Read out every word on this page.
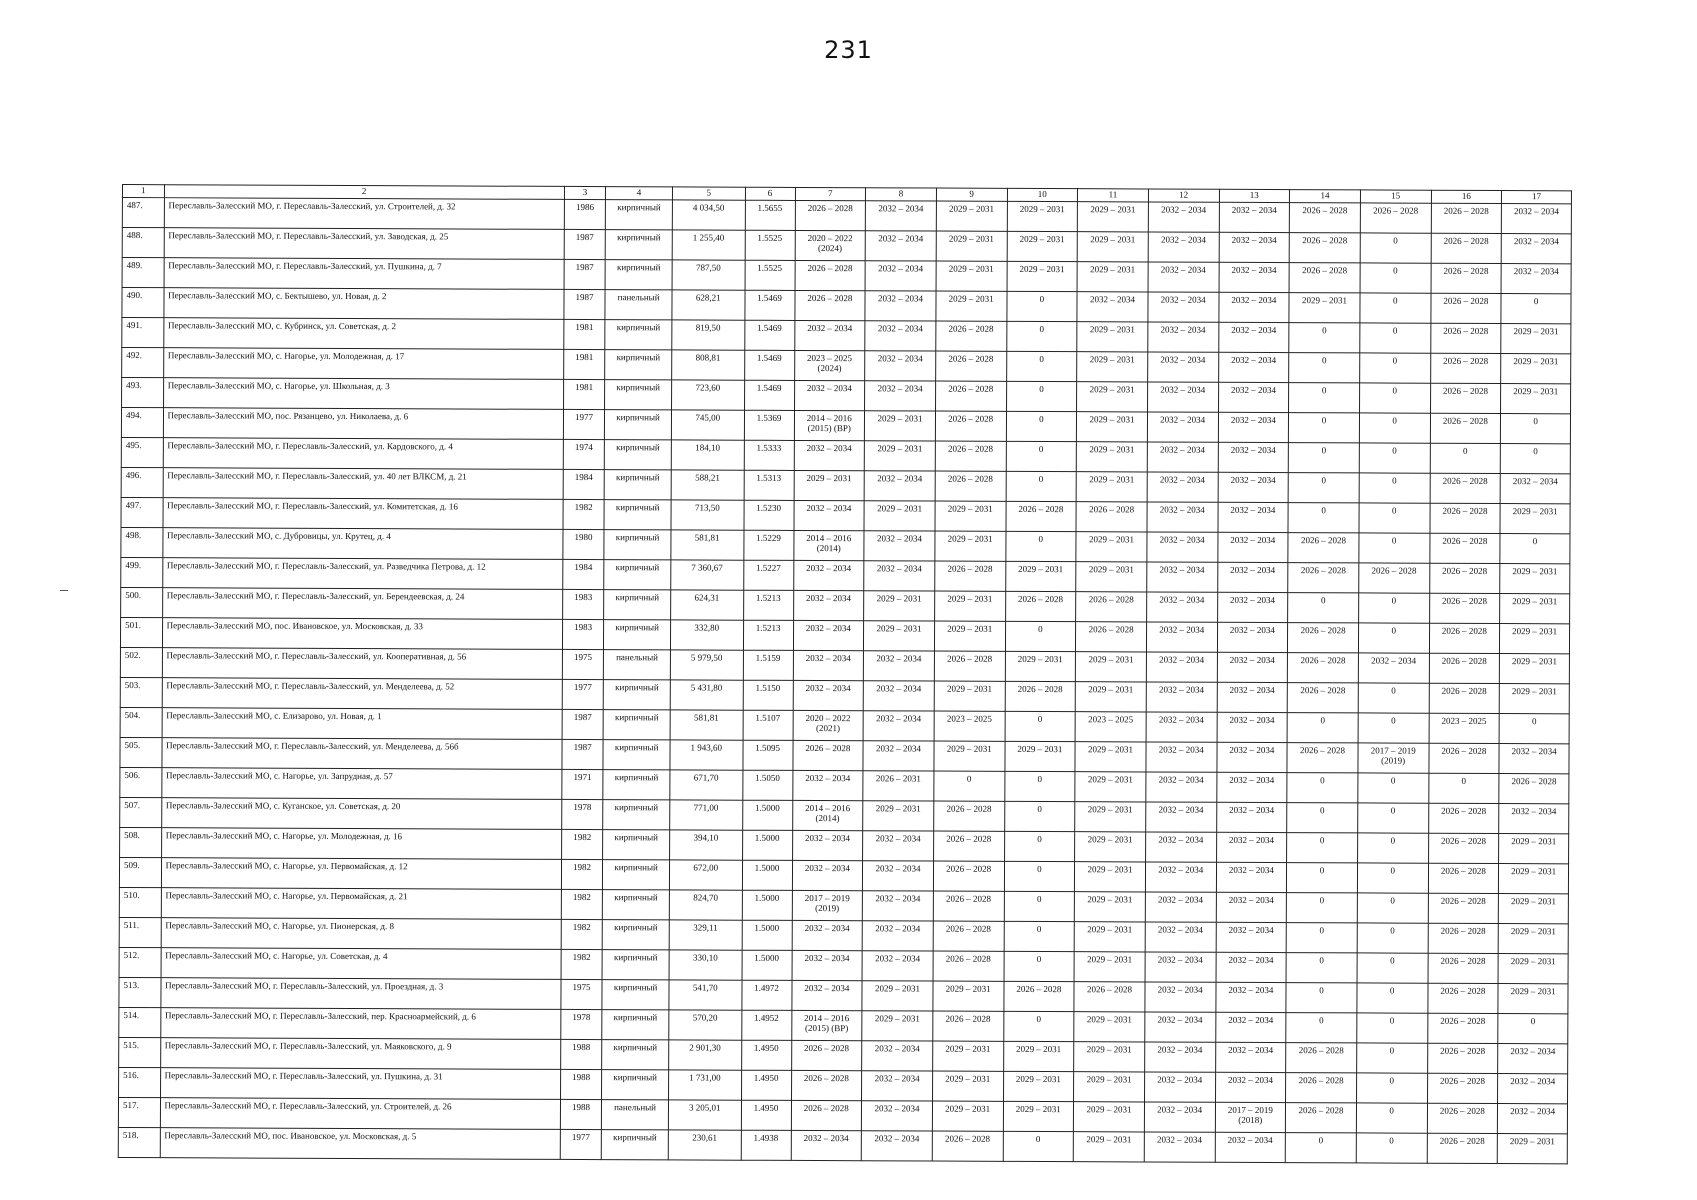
231
1	2	3	4	5	6	7	8	9	10	11	12	13	14	15	16	17
487.	Переславль-Залесский МО, г. Переславль-Залесский, ул. Строителей, д. 32	1986	кирпичный	4 034,50	1.5655	2026 – 2028	2032 – 2034	2029 – 2031	2029 – 2031	2029 – 2031	2032 – 2034	2032 – 2034	2026 – 2028	2026 – 2028	2026 – 2028	2032 – 2034
488.	Переславль-Залесский МО, г. Переславль-Залесский, ул. Заводская, д. 25	1987	кирпичный	1 255,40	1.5525	2020 – 2022
(2024)	2032 – 2034	2029 – 2031	2029 – 2031	2029 – 2031	2032 – 2034	2032 – 2034	2026 – 2028	0	2026 – 2028	2032 – 2034
489.	Переславль-Залесский МО, г. Переславль-Залесский, ул. Пушкина, д. 7	1987	кирпичный	787,50	1.5525	2026 – 2028	2032 – 2034	2029 – 2031	2029 – 2031	2029 – 2031	2032 – 2034	2032 – 2034	2026 – 2028	0	2026 – 2028	2032 – 2034
490.	Переславль-Залесский МО, с. Бектышево, ул. Новая, д. 2	1987	панельный	628,21	1.5469	2026 – 2028	2032 – 2034	2029 – 2031	0	2032 – 2034	2032 – 2034	2032 – 2034	2029 – 2031	0	2026 – 2028	0
491.	Переславль-Залесский МО, с. Кубринск, ул. Советская, д. 2	1981	кирпичный	819,50	1.5469	2032 – 2034	2032 – 2034	2026 – 2028	0	2029 – 2031	2032 – 2034	2032 – 2034	0	0	2026 – 2028	2029 – 2031
492.	Переславль-Залесский МО, с. Нагорье, ул. Молодежная, д. 17	1981	кирпичный	808,81	1.5469	2023 – 2025
(2024)	2032 – 2034	2026 – 2028	0	2029 – 2031	2032 – 2034	2032 – 2034	0	0	2026 – 2028	2029 – 2031
493.	Переславль-Залесский МО, с. Нагорье, ул. Школьная, д. 3	1981	кирпичный	723,60	1.5469	2032 – 2034	2032 – 2034	2026 – 2028	0	2029 – 2031	2032 – 2034	2032 – 2034	0	0	2026 – 2028	2029 – 2031
494.	Переславль-Залесский МО, пос. Рязанцево, ул. Николаева, д. 6	1977	кирпичный	745,00	1.5369	2014 – 2016
(2015) (ВР)	2029 – 2031	2026 – 2028	0	2029 – 2031	2032 – 2034	2032 – 2034	0	0	2026 – 2028	0
495.	Переславль-Залесский МО, г. Переславль-Залесский, ул. Кардовского, д. 4	1974	кирпичный	184,10	1.5333	2032 – 2034	2029 – 2031	2026 – 2028	0	2029 – 2031	2032 – 2034	2032 – 2034	0	0	0	0
496.	Переславль-Залесский МО, г. Переславль-Залесский, ул. 40 лет ВЛКСМ, д. 21	1984	кирпичный	588,21	1.5313	2029 – 2031	2032 – 2034	2026 – 2028	0	2029 – 2031	2032 – 2034	2032 – 2034	0	0	2026 – 2028	2032 – 2034
497.	Переславль-Залесский МО, г. Переславль-Залесский, ул. Комитетская, д. 16	1982	кирпичный	713,50	1.5230	2032 – 2034	2029 – 2031	2029 – 2031	2026 – 2028	2026 – 2028	2032 – 2034	2032 – 2034	0	0	2026 – 2028	2029 – 2031
498.	Переславль-Залесский МО, с. Дубровицы, ул. Крутец, д. 4	1980	кирпичный	581,81	1.5229	2014 – 2016
(2014)	2032 – 2034	2029 – 2031	0	2029 – 2031	2032 – 2034	2032 – 2034	2026 – 2028	0	2026 – 2028	0
499.	Переславль-Залесский МО, г. Переславль-Залесский, ул. Разведчика Петрова, д. 12	1984	кирпичный	7 360,67	1.5227	2032 – 2034	2032 – 2034	2026 – 2028	2029 – 2031	2029 – 2031	2032 – 2034	2032 – 2034	2026 – 2028	2026 – 2028	2026 – 2028	2029 – 2031
500.	Переславль-Залесский МО, г. Переславль-Залесский, ул. Берендеевская, д. 24	1983	кирпичный	624,31	1.5213	2032 – 2034	2029 – 2031	2029 – 2031	2026 – 2028	2026 – 2028	2032 – 2034	2032 – 2034	0	0	2026 – 2028	2029 – 2031
501.	Переславль-Залесский МО, пос. Ивановское, ул. Московская, д. 33	1983	кирпичный	332,80	1.5213	2032 – 2034	2029 – 2031	2029 – 2031	0	2026 – 2028	2032 – 2034	2032 – 2034	2026 – 2028	0	2026 – 2028	2029 – 2031
502.	Переславль-Залесский МО, г. Переславль-Залесский, ул. Кооперативная, д. 56	1975	панельный	5 979,50	1.5159	2032 – 2034	2032 – 2034	2026 – 2028	2029 – 2031	2029 – 2031	2032 – 2034	2032 – 2034	2026 – 2028	2032 – 2034	2026 – 2028	2029 – 2031
503.	Переславль-Залесский МО, г. Переславль-Залесский, ул. Менделеева, д. 52	1977	кирпичный	5 431,80	1.5150	2032 – 2034	2032 – 2034	2029 – 2031	2026 – 2028	2029 – 2031	2032 – 2034	2032 – 2034	2026 – 2028	0	2026 – 2028	2029 – 2031
504.	Переславль-Залесский МО, с. Елизарово, ул. Новая, д. 1	1987	кирпичный	581,81	1.5107	2020 – 2022
(2021)	2032 – 2034	2023 – 2025	0	2023 – 2025	2032 – 2034	2032 – 2034	0	0	2023 – 2025	0
505.	Переславль-Залесский МО, г. Переславль-Залесский, ул. Менделеева, д. 56б	1987	кирпичный	1 943,60	1.5095	2026 – 2028	2032 – 2034	2029 – 2031	2029 – 2031	2029 – 2031	2032 – 2034	2032 – 2034	2026 – 2028	2017 – 2019
(2019)	2026 – 2028	2032 – 2034
506.	Переславль-Залесский МО, с. Нагорье, ул. Запрудная, д. 57	1971	кирпичный	671,70	1.5050	2032 – 2034	2026 – 2031	0	0	2029 – 2031	2032 – 2034	2032 – 2034	0	0	0	2026 – 2028
507.	Переславль-Залесский МО, с. Куганское, ул. Советская, д. 20	1978	кирпичный	771,00	1.5000	2014 – 2016
(2014)	2029 – 2031	2026 – 2028	0	2029 – 2031	2032 – 2034	2032 – 2034	0	0	2026 – 2028	2032 – 2034
508.	Переславль-Залесский МО, с. Нагорье, ул. Молодежная, д. 16	1982	кирпичный	394,10	1.5000	2032 – 2034	2032 – 2034	2026 – 2028	0	2029 – 2031	2032 – 2034	2032 – 2034	0	0	2026 – 2028	2029 – 2031
509.	Переславль-Залесский МО, с. Нагорье, ул. Первомайская, д. 12	1982	кирпичный	672,00	1.5000	2032 – 2034	2032 – 2034	2026 – 2028	0	2029 – 2031	2032 – 2034	2032 – 2034	0	0	2026 – 2028	2029 – 2031
510.	Переславль-Залесский МО, с. Нагорье, ул. Первомайская, д. 21	1982	кирпичный	824,70	1.5000	2017 – 2019
(2019)	2032 – 2034	2026 – 2028	0	2029 – 2031	2032 – 2034	2032 – 2034	0	0	2026 – 2028	2029 – 2031
511.	Переславль-Залесский МО, с. Нагорье, ул. Пионерская, д. 8	1982	кирпичный	329,11	1.5000	2032 – 2034	2032 – 2034	2026 – 2028	0	2029 – 2031	2032 – 2034	2032 – 2034	0	0	2026 – 2028	2029 – 2031
512.	Переславль-Залесский МО, с. Нагорье, ул. Советская, д. 4	1982	кирпичный	330,10	1.5000	2032 – 2034	2032 – 2034	2026 – 2028	0	2029 – 2031	2032 – 2034	2032 – 2034	0	0	2026 – 2028	2029 – 2031
513.	Переславль-Залесский МО, г. Переславль-Залесский, ул. Проездная, д. 3	1975	кирпичный	541,70	1.4972	2032 – 2034	2029 – 2031	2029 – 2031	2026 – 2028	2026 – 2028	2032 – 2034	2032 – 2034	0	0	2026 – 2028	2029 – 2031
514.	Переславль-Залесский МО, г. Переславль-Залесский, пер. Красноармейский, д. 6	1978	кирпичный	570,20	1.4952	2014 – 2016
(2015) (ВР)	2029 – 2031	2026 – 2028	0	2029 – 2031	2032 – 2034	2032 – 2034	0	0	2026 – 2028	0
515.	Переславль-Залесский МО, г. Переславль-Залесский, ул. Маяковского, д. 9	1988	кирпичный	2 901,30	1.4950	2026 – 2028	2032 – 2034	2029 – 2031	2029 – 2031	2029 – 2031	2032 – 2034	2032 – 2034	2026 – 2028	0	2026 – 2028	2032 – 2034
516.	Переславль-Залесский МО, г. Переславль-Залесский, ул. Пушкина, д. 31	1988	кирпичный	1 731,00	1.4950	2026 – 2028	2032 – 2034	2029 – 2031	2029 – 2031	2029 – 2031	2032 – 2034	2032 – 2034	2026 – 2028	0	2026 – 2028	2032 – 2034
517.	Переславль-Залесский МО, г. Переславль-Залесский, ул. Строителей, д. 26	1988	панельный	3 205,01	1.4950	2026 – 2028	2032 – 2034	2029 – 2031	2029 – 2031	2029 – 2031	2032 – 2034	2017 – 2019
(2018)	2026 – 2028	0	2026 – 2028	2032 – 2034
518.	Переславль-Залесский МО, пос. Ивановское, ул. Московская, д. 5	1977	кирпичный	230,61	1.4938	2032 – 2034	2032 – 2034	2026 – 2028	0	2029 – 2031	2032 – 2034	2032 – 2034	0	0	2026 – 2028	2029 – 2031
